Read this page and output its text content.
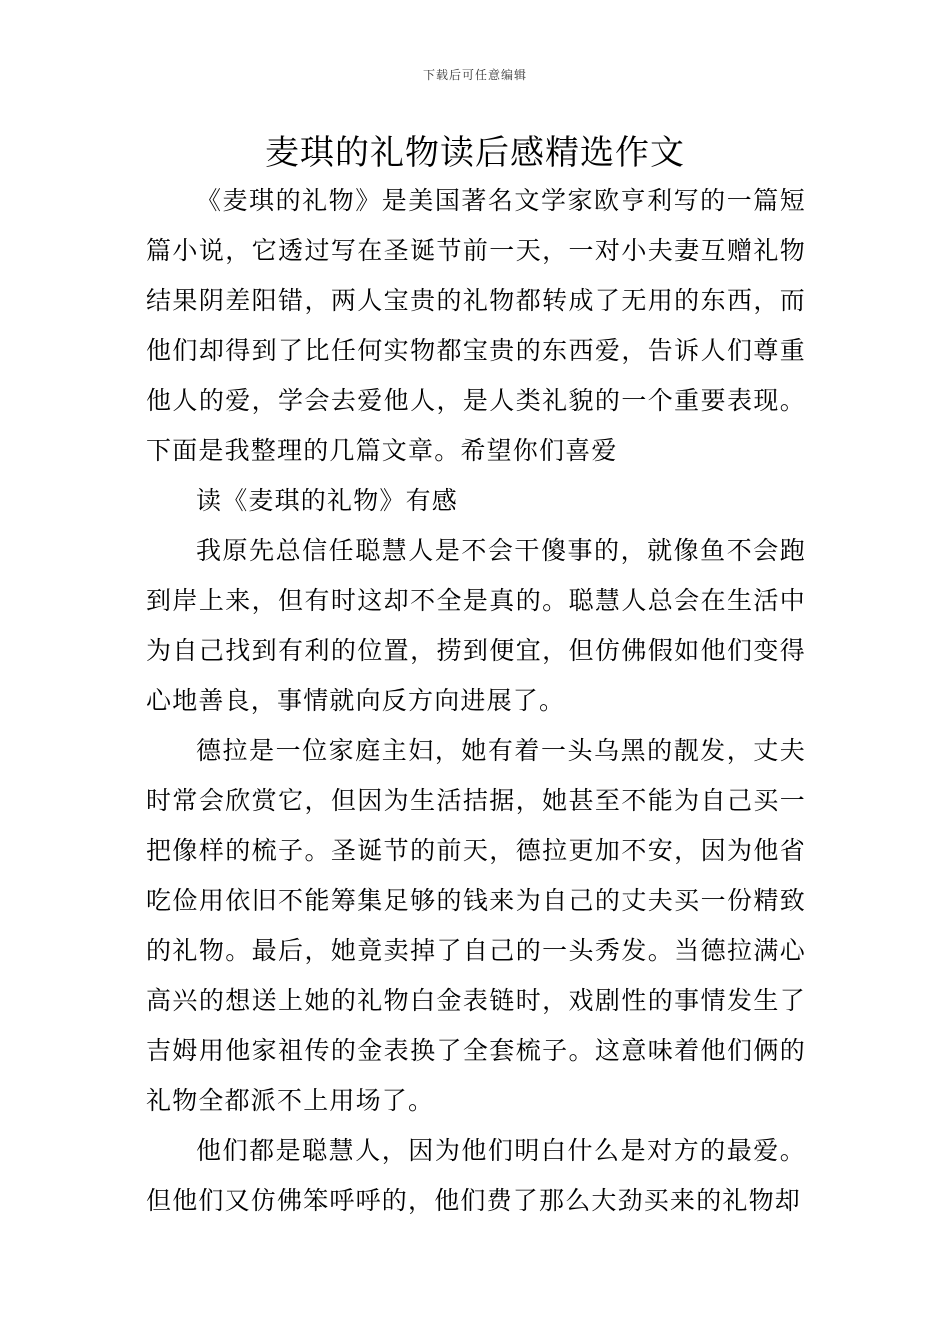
下载后可任意编辑
麦琪的礼物读后感精选作文

《麦琪的礼物》是美国著名文学家欧亨利写的一篇短篇小说，它透过写在圣诞节前一天，一对小夫妻互赠礼物结果阴差阳错，两人宝贵的礼物都转成了无用的东西，而他们却得到了比任何实物都宝贵的东西爱，告诉人们尊重他人的爱，学会去爱他人，是人类礼貌的一个重要表现。下面是我整理的几篇文章。希望你们喜爱

读《麦琪的礼物》有感

我原先总信任聪慧人是不会干傻事的，就像鱼不会跑到岸上来，但有时这却不全是真的。聪慧人总会在生活中为自己找到有利的位置，捞到便宜，但仿佛假如他们变得心地善良，事情就向反方向进展了。

德拉是一位家庭主妇，她有着一头乌黑的靓发，丈夫时常会欣赏它，但因为生活拮据，她甚至不能为自己买一把像样的梳子。圣诞节的前天，德拉更加不安，因为他省吃俭用依旧不能筹集足够的钱来为自己的丈夫买一份精致的礼物。最后，她竟卖掉了自己的一头秀发。当德拉满心高兴的想送上她的礼物白金表链时，戏剧性的事情发生了吉姆用他家祖传的金表换了全套梳子。这意味着他们俩的礼物全都派不上用场了。

他们都是聪慧人，因为他们明白什么是对方的最爱。但他们又仿佛笨呼呼的，他们费了那么大劲买来的礼物却
